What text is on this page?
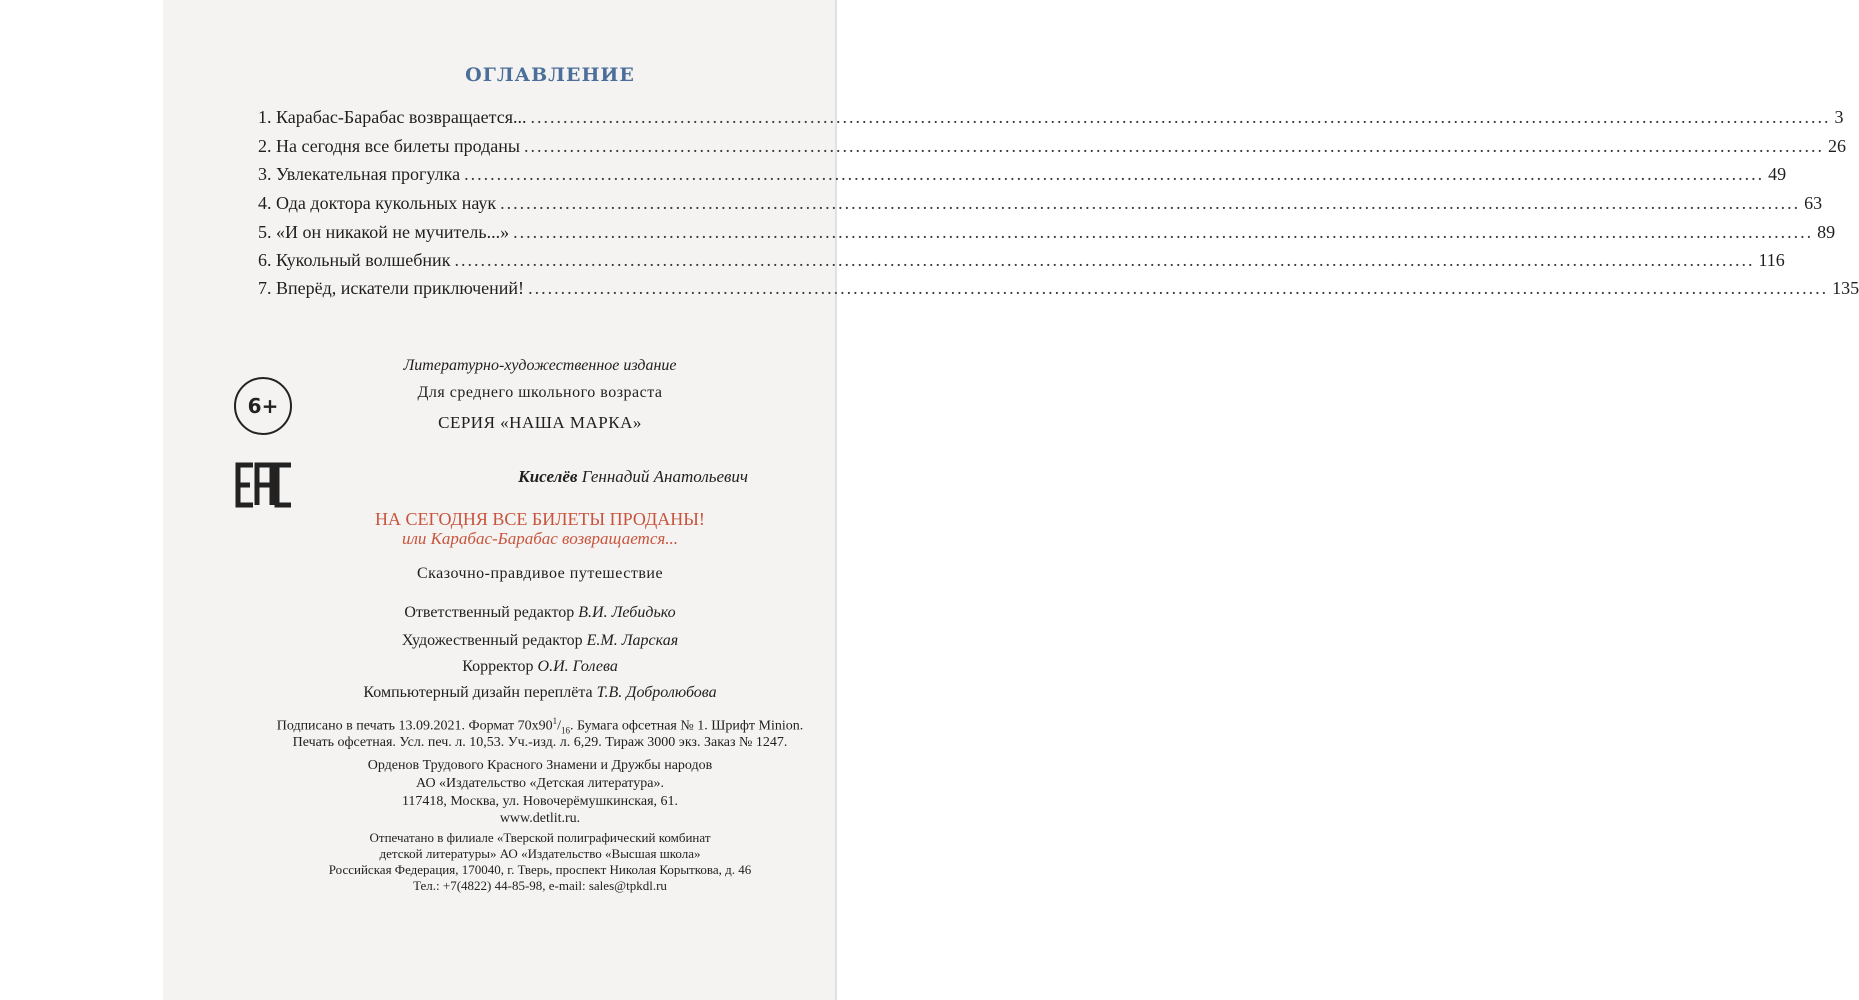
ОГЛАВЛЕНИЕ
1. Карабас-Барабас возвращается... ........................................................................................................................................................................................................ 3
2. На сегодня все билеты проданы ........................................................................................................................................................................................................ 26
3. Увлекательная прогулка ........................................................................................................................................................................................................ 49
4. Ода доктора кукольных наук ........................................................................................................................................................................................................ 63
5. «И он никакой не мучитель...» ........................................................................................................................................................................................................ 89
6. Кукольный волшебник ........................................................................................................................................................................................................ 116
7. Вперёд, искатели приключений! ........................................................................................................................................................................................................ 135
Литературно-художественное издание
Для среднего школьного возраста
СЕРИЯ «НАША МАРКА»
6+
Киселёв Геннадий Анатольевич
НА СЕГОДНЯ ВСЕ БИЛЕТЫ ПРОДАНЫ!
или Карабас-Барабас возвращается...
Сказочно-правдивое путешествие
Ответственный редактор В.И. Лебидько
Художественный редактор Е.М. Ларская
Корректор О.И. Голева
Компьютерный дизайн переплёта Т.В. Добролюбова
Подписано в печать 13.09.2021. Формат $70x90^1/_{16}$. Бумага офсетная № 1. Шрифт Minion.
Печать офсетная. Усл. печ. л. 10,53. Уч.-изд. л. 6,29. Тираж 3000 экз. Заказ № 1247.
Орденов Трудового Красного Знамени и Дружбы народов
АО «Издательство «Детская литература».
117418, Москва, ул. Новочерёмушкинская, 61.
www.detlit.ru.
Отпечатано в филиале «Тверской полиграфический комбинат
детской литературы» АО «Издательство «Высшая школа»
Российская Федерация, 170040, г. Тверь, проспект Николая Корыткова, д. 46
Тел.: +7(4822) 44-85-98, e-mail: sales@tpkdl.ru
